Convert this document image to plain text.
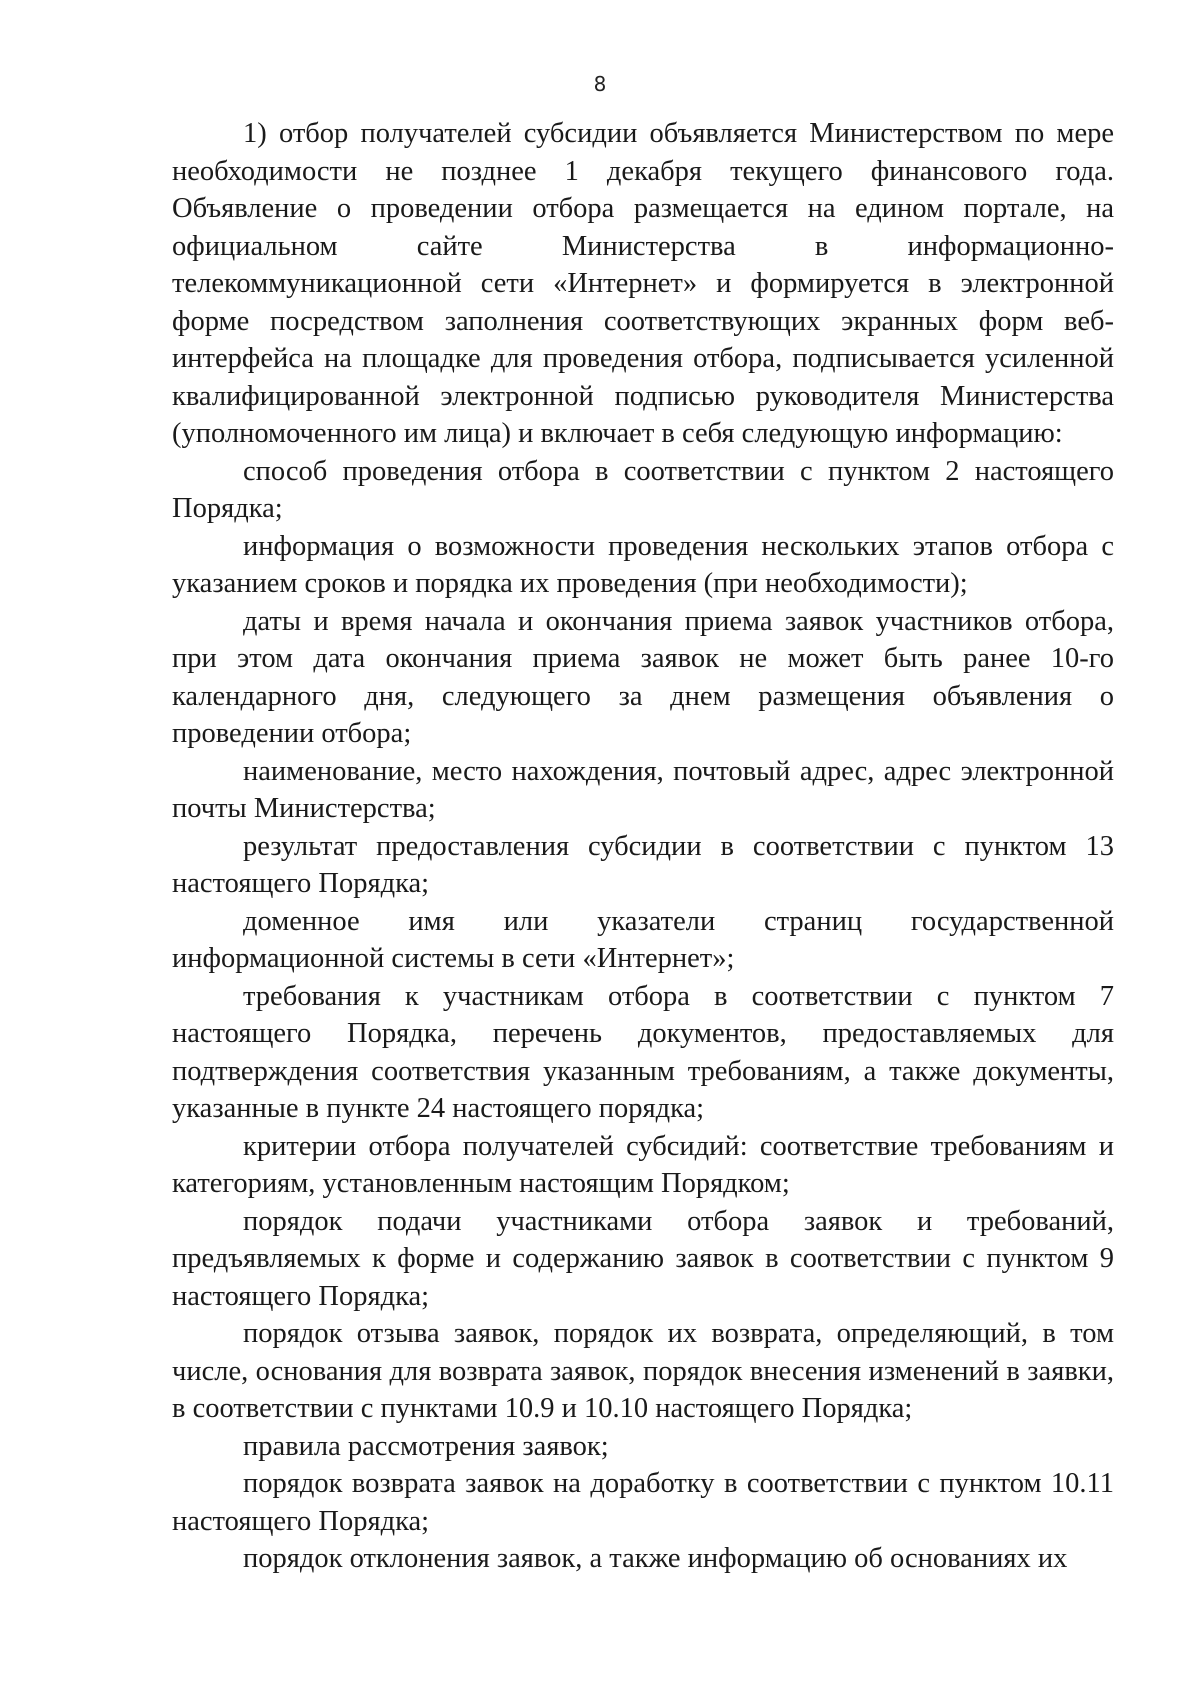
8

1) отбор получателей субсидии объявляется Министерством по мере необходимости не позднее 1 декабря текущего финансового года. Объявление о проведении отбора размещается на едином портале, на официальном сайте Министерства в информационно-телекоммуникационной сети «Интернет» и формируется в электронной форме посредством заполнения соответствующих экранных форм веб-интерфейса на площадке для проведения отбора, подписывается усиленной квалифицированной электронной подписью руководителя Министерства (уполномоченного им лица) и включает в себя следующую информацию:

способ проведения отбора в соответствии с пунктом 2 настоящего Порядка;

информация о возможности проведения нескольких этапов отбора с указанием сроков и порядка их проведения (при необходимости);

даты и время начала и окончания приема заявок участников отбора, при этом дата окончания приема заявок не может быть ранее 10-го календарного дня, следующего за днем размещения объявления о проведении отбора;

наименование, место нахождения, почтовый адрес, адрес электронной почты Министерства;

результат предоставления субсидии в соответствии с пунктом 13 настоящего Порядка;

доменное имя или указатели страниц государственной информационной системы в сети «Интернет»;

требования к участникам отбора в соответствии с пунктом 7 настоящего Порядка, перечень документов, предоставляемых для подтверждения соответствия указанным требованиям, а также документы, указанные в пункте 24 настоящего порядка;

критерии отбора получателей субсидий: соответствие требованиям и категориям, установленным настоящим Порядком;

порядок подачи участниками отбора заявок и требований, предъявляемых к форме и содержанию заявок в соответствии с пунктом 9 настоящего Порядка;

порядок отзыва заявок, порядок их возврата, определяющий, в том числе, основания для возврата заявок, порядок внесения изменений в заявки, в соответствии с пунктами 10.9 и 10.10 настоящего Порядка;

правила рассмотрения заявок;

порядок возврата заявок на доработку в соответствии с пунктом 10.11 настоящего Порядка;

порядок отклонения заявок, а также информацию об основаниях их
